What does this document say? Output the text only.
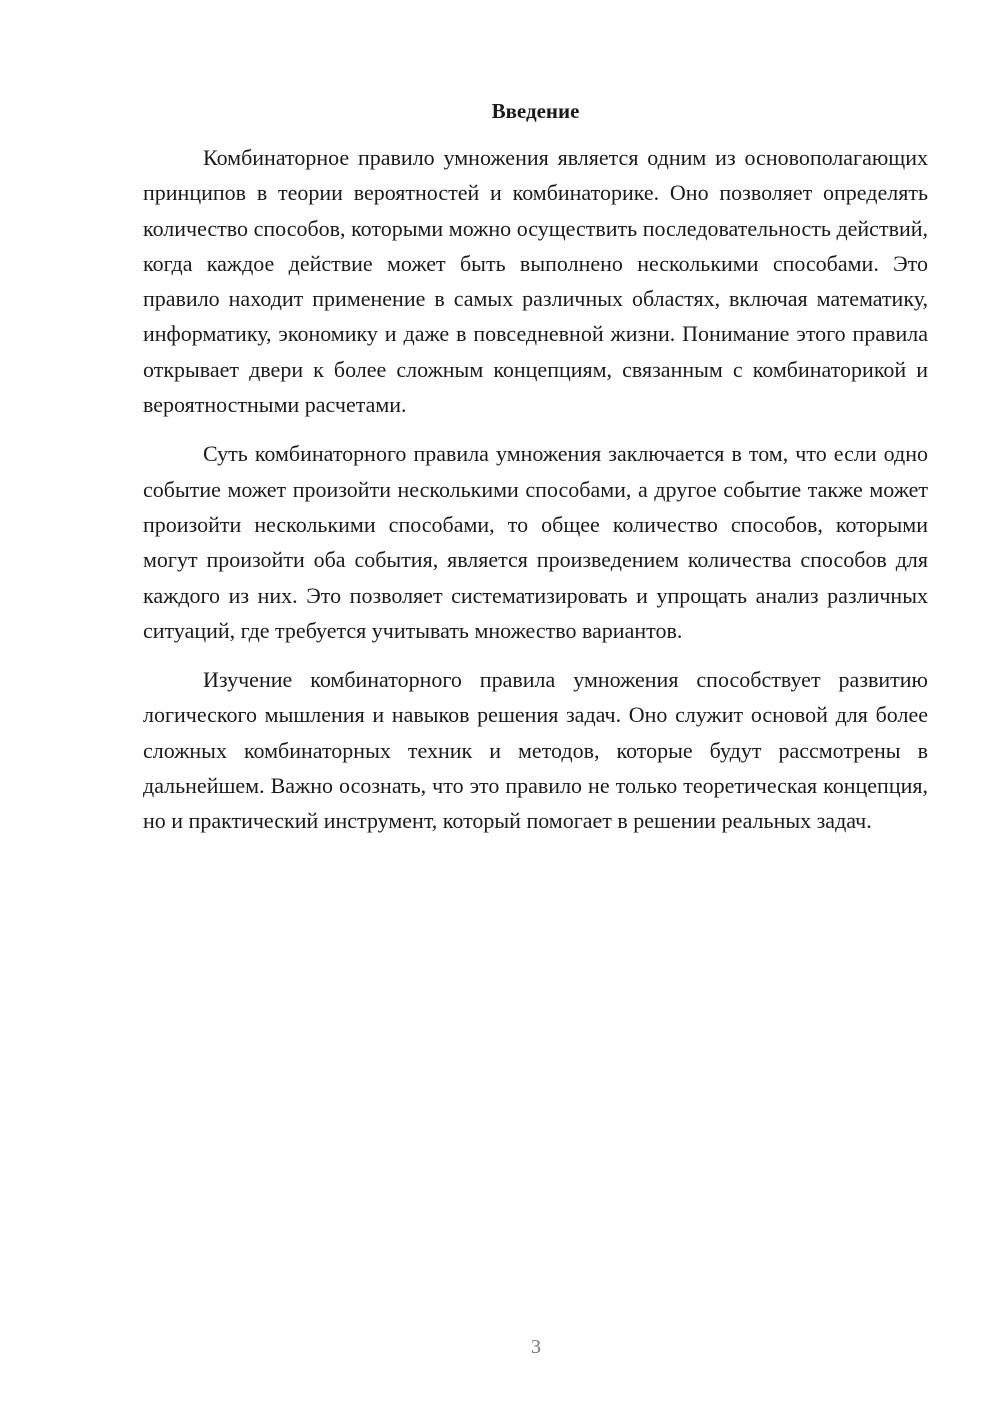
Введение

Комбинаторное правило умножения является одним из основополагающих принципов в теории вероятностей и комбинаторике. Оно позволяет определять количество способов, которыми можно осуществить последовательность действий, когда каждое действие может быть выполнено несколькими способами. Это правило находит применение в самых различных областях, включая математику, информатику, экономику и даже в повседневной жизни. Понимание этого правила открывает двери к более сложным концепциям, связанным с комбинаторикой и вероятностными расчетами.

Суть комбинаторного правила умножения заключается в том, что если одно событие может произойти несколькими способами, а другое событие также может произойти несколькими способами, то общее количество способов, которыми могут произойти оба события, является произведением количества способов для каждого из них. Это позволяет систематизировать и упрощать анализ различных ситуаций, где требуется учитывать множество вариантов.

Изучение комбинаторного правила умножения способствует развитию логического мышления и навыков решения задач. Оно служит основой для более сложных комбинаторных техник и методов, которые будут рассмотрены в дальнейшем. Важно осознать, что это правило не только теоретическая концепция, но и практический инструмент, который помогает в решении реальных задач.

3
